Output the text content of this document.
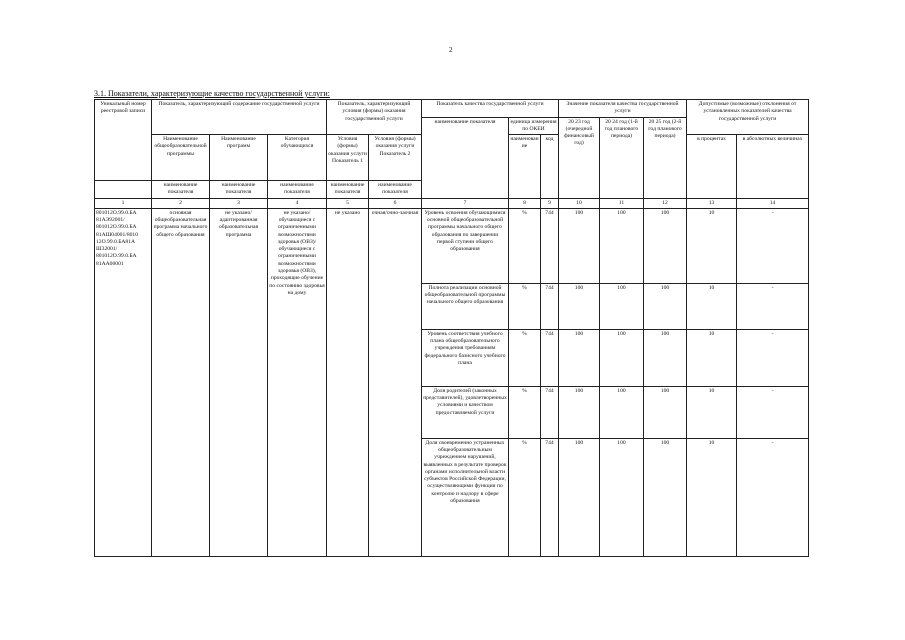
2
3.1. Показатели, характеризующие качество государственной услуги:
Уникальный номер реестровой записи	Показатель, характеризующий содержание государственной услуги			Показатель, характеризующий условия (формы) оказания государственной услуги		Показатель качества государственной услуги			Значение показателя качества государственной услуги			Допустимые (возможные) отклонения от установленных показателей качества государственной услуги	
						наименование показателя	единица измерения по ОКЕИ		20 23 год (очередной финансовый год)	20 24 год (1-й год планового периода)	20 25 год (2-й год планового периода)		
	Наименование общеобразовательной программы	Наименование программ	Категория обучающихся	Условия (формы) оказания услуги Показатель 1	Условия (формы) оказания услуги Показатель 2		наименование	код				в процентах	в абсолютных величинах
	наименование показателя	наименование показателя	наименование показателя	наименование показателя	наименование показателя								
1	2	3	4	5	6	7	8	9	10	11	12	13	14
801012О.99.0.БА 81АЭ92001/ 801012О.99.0.БА 81АШ04001/8010 12О.99.0.БА81А Ш32001/ 801012О.99.0.БА 81АА00001	основная общеобразовательная программа начального общего образования	не указано/ адаптированная образовательная программа	не указано/ обучающиеся с ограниченными возможностями здоровья (ОВЗ)/обучающиеся с ограниченными возможностями здоровья (ОВЗ), проходящие обучение по состоянию здоровья на дому	не указано	очная/очно-заочная	Уровень освоения обучающимися основной общеобразовательной программы начального общего образования по завершении первой ступени общего образования	%	744	100	100	100	10	-
						Полнота реализации основной общеобразовательной программы начального общего образования	%	744	100	100	100	10	-
						Уровень соответствия учебного плана общеобразовательного учреждения требованиям федерального базисного учебного плана	%	744	100	100	100	10	-
						Доля родителей (законных представителей), удовлетворенных условиями и качеством предоставляемой услуги	%	744	100	100	100	10	-
						Доля своевременно устраненных общеобразовательным учреждением нарушений, выявленных в результате проверок органами исполнительной власти субъектов Российской Федерации, осуществляющими функции по контролю и надзору в сфере образования	%	744	100	100	100	10	-
